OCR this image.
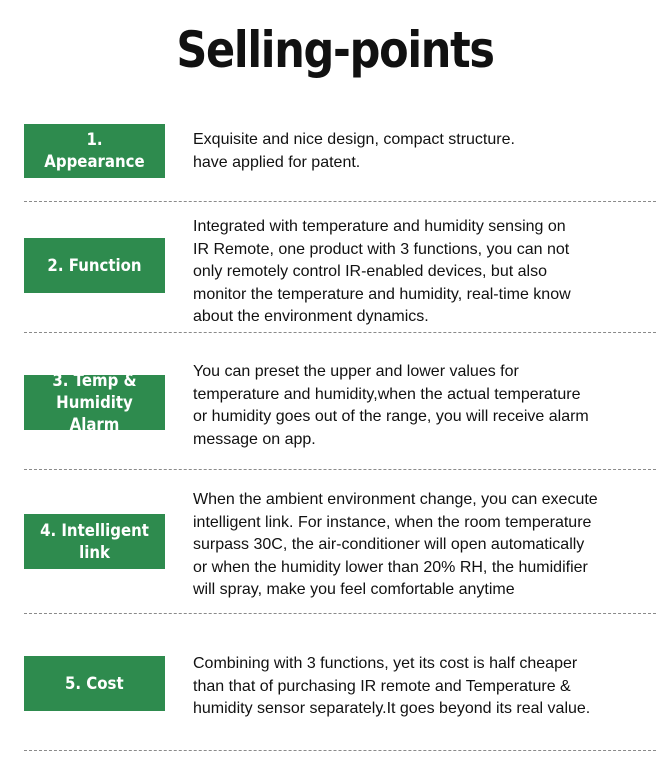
Selling-points
1. Appearance
Exquisite and nice design, compact structure.
have applied for patent.
2. Function
Integrated with temperature and humidity sensing on
IR Remote, one product with 3 functions, you can not
only remotely control IR-enabled devices, but also
monitor the temperature and humidity, real-time know
about the environment dynamics.
3. Temp &
Humidity Alarm
You can preset the upper and lower values for
temperature and humidity,when the actual temperature
or humidity goes out of the range, you will receive alarm
message on app.
4. Intelligent link
When the ambient environment change, you can execute
intelligent link. For instance, when the room temperature
surpass 30C, the air-conditioner will open automatically
or when the humidity lower than 20% RH, the humidifier
will spray, make you feel comfortable anytime
5. Cost
Combining with 3 functions, yet its cost is half cheaper
than that of purchasing IR remote and Temperature &
humidity sensor separately.It goes beyond its real value.
